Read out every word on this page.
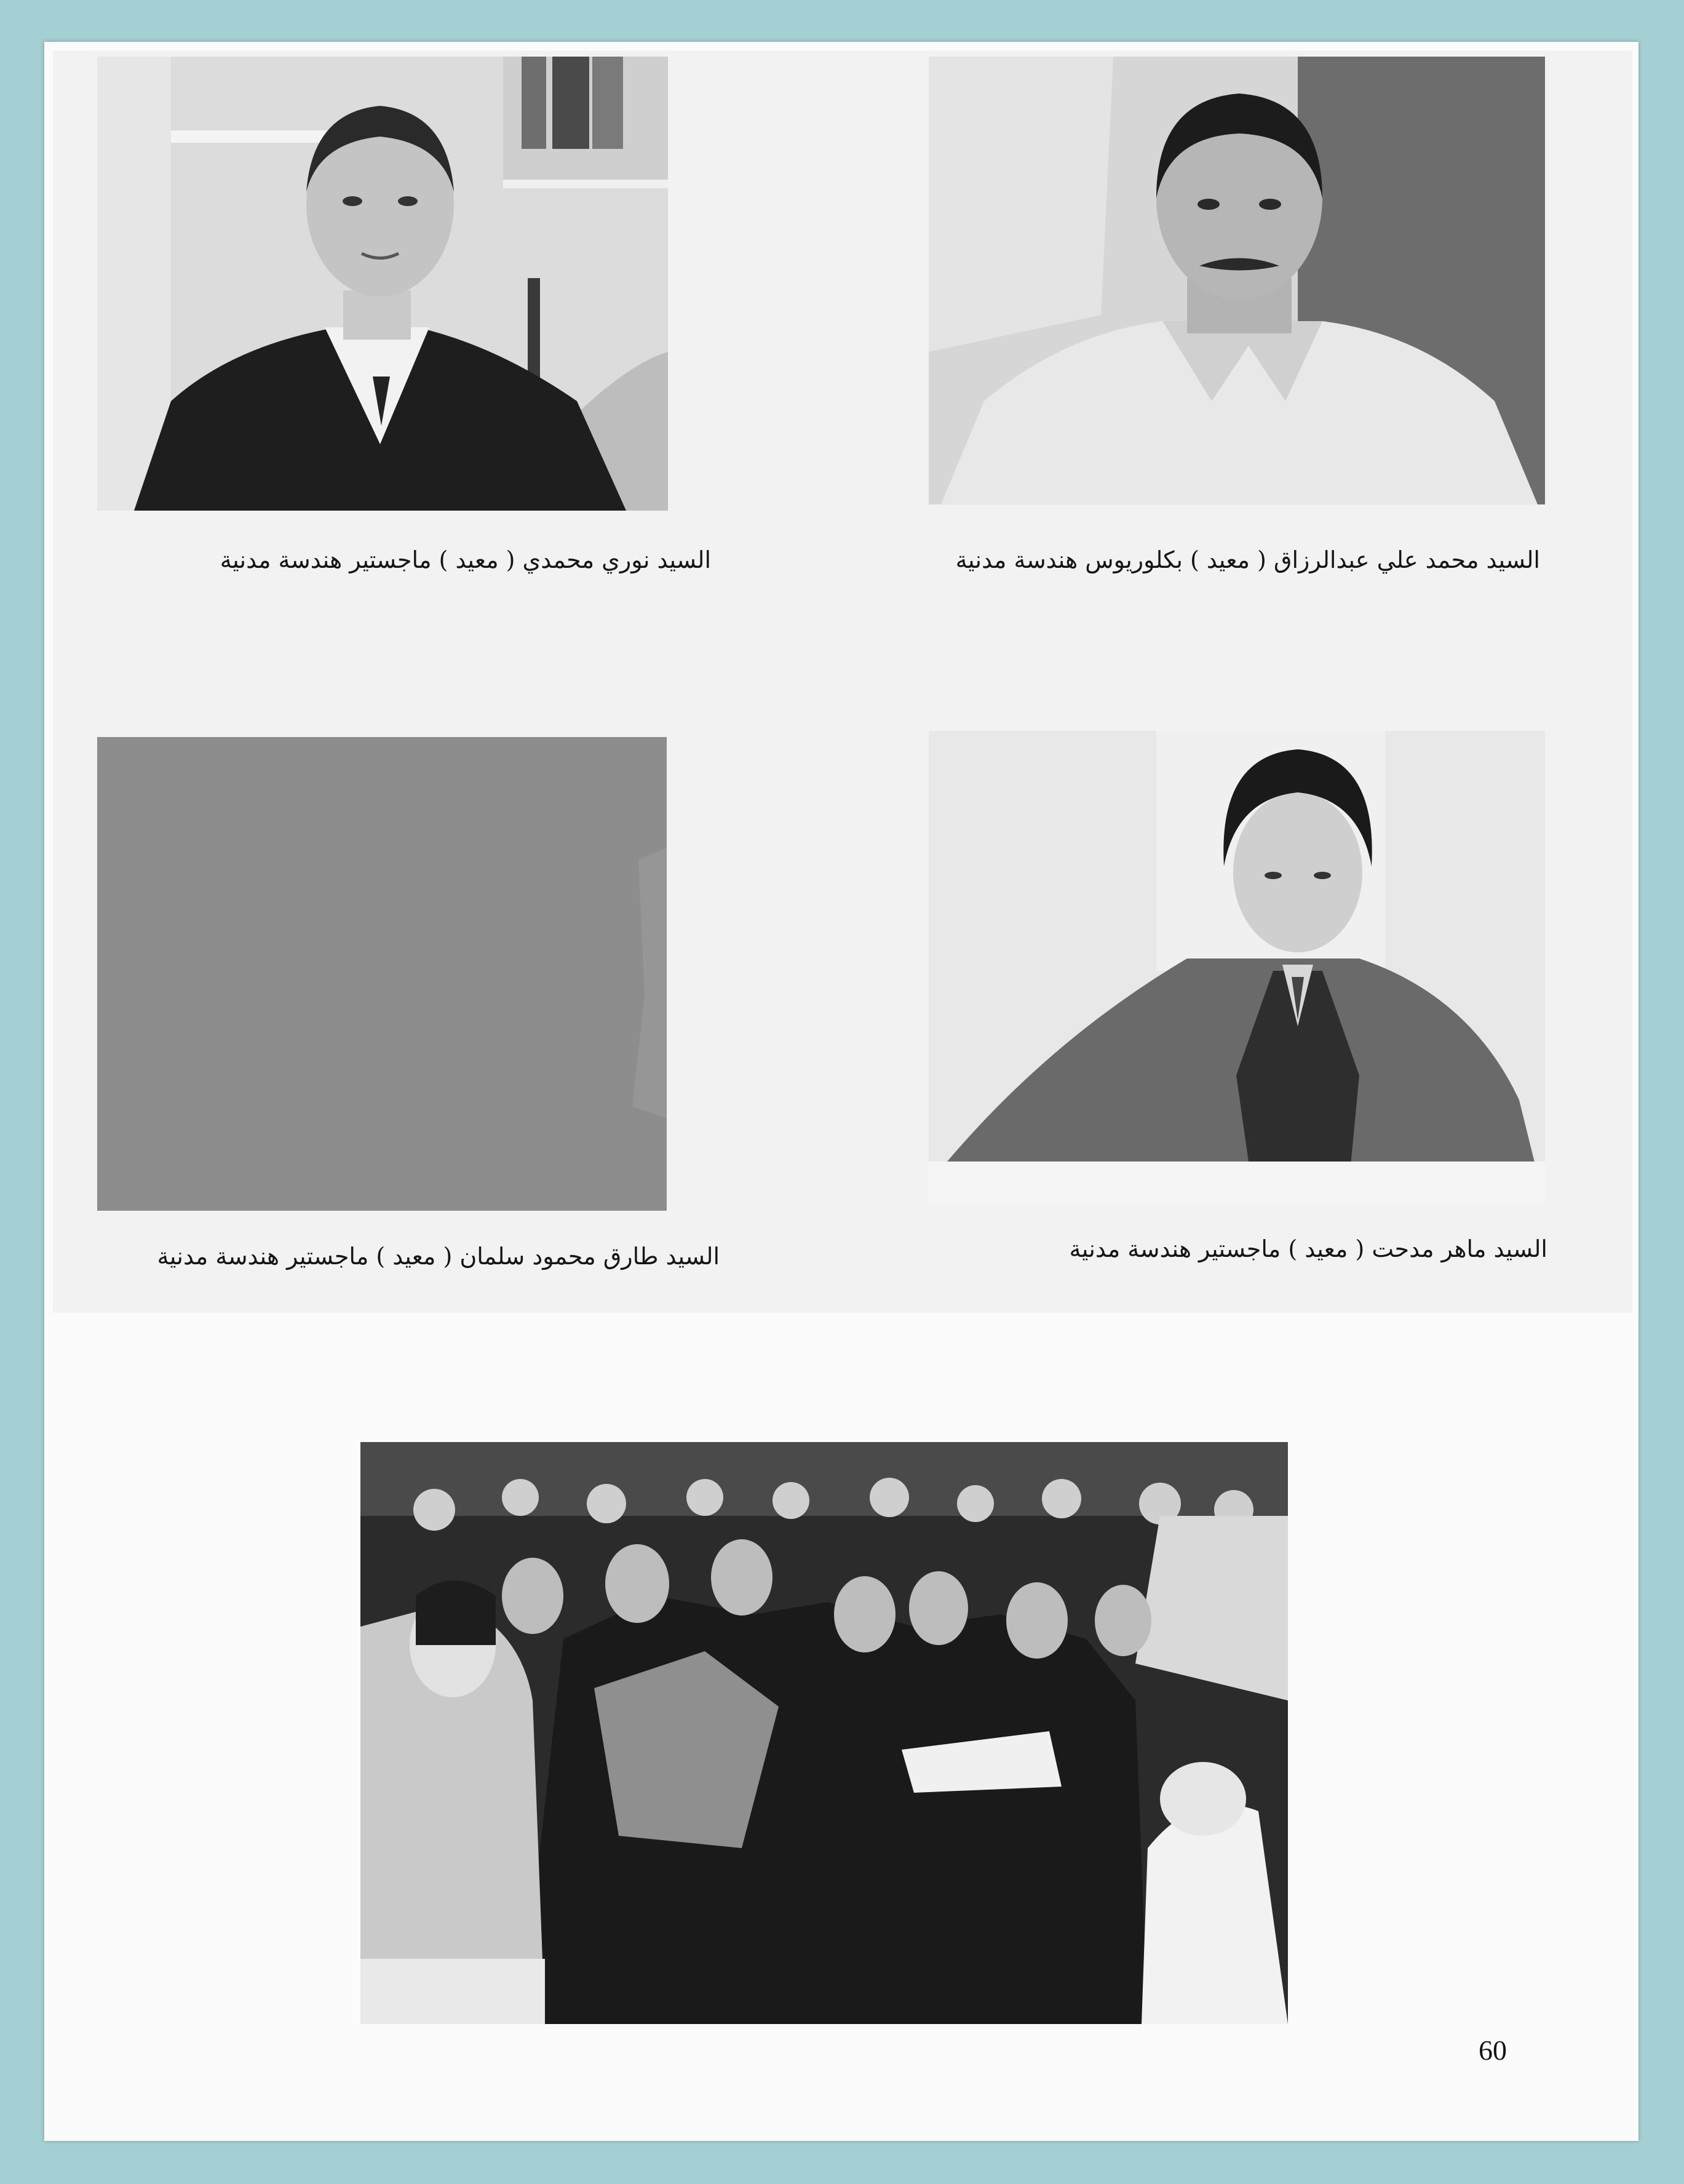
السيد محمد علي عبدالرزاق ( معيد ) بكلوريوس هندسة مدنية
السيد نوري محمدي ( معيد ) ماجستير هندسة مدنية
السيد ماهر مدحت ( معيد ) ماجستير هندسة مدنية
السيد طارق محمود سلمان ( معيد ) ماجستير هندسة مدنية
60
